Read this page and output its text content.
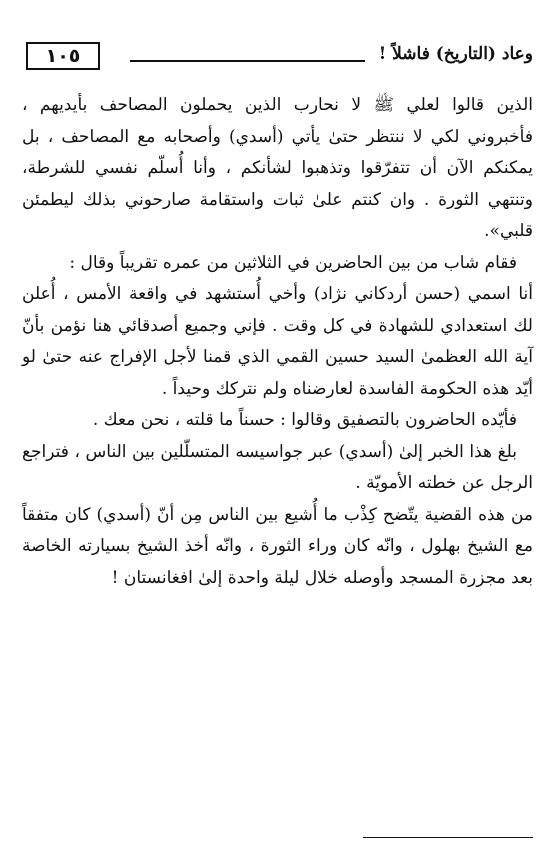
وعاد (التاريخ) فاشلاً !
١٠٥

الذين قالوا لعلي ﷺ لا نحارب الذين يحملون المصاحف بأيديهم ، فأخبروني لكي لا ننتظر حتىٰ يأتي (أسدي) وأصحابه مع المصاحف ، بل يمكنكم الآن أن تتفرّقوا وتذهبوا لشأنكم ، وأنا أُسلّم نفسي للشرطة، وتنتهي الثورة . وان كنتم علىٰ ثبات واستقامة صارحوني بذلك ليطمئن قلبي».

فقام شاب من بين الحاضرين في الثلاثين من عمره تقريباً وقال :

أنا اسمي (حسن أردكاني نژاد) وأخي أُستشهد في واقعة الأمس ، أُعلن لك استعدادي للشهادة في كل وقت . فإني وجميع أصدقائي هنا نؤمن بأنّ آية الله العظمىٰ السيد حسين القمي الذي قمنا لأجل الإفراج عنه حتىٰ لو أيّد هذه الحكومة الفاسدة لعارضناه ولم نتركك وحيداً .

فأيّده الحاضرون بالتصفيق وقالوا : حسناً ما قلته ، نحن معك .

بلغ هذا الخبر إلىٰ (أسدي) عبر جواسيسه المتسلّلين بين الناس ، فتراجع الرجل عن خطته الأمويّة .

من هذه القضية يتّضح كِذْب ما أُشيع بين الناس مِن أنّ (أسدي) كان متفقاً مع الشيخ بهلول ، وانّه كان وراء الثورة ، وانّه أخذ الشيخ بسيارته الخاصة بعد مجزرة المسجد وأوصله خلال ليلة واحدة إلىٰ افغانستان !
